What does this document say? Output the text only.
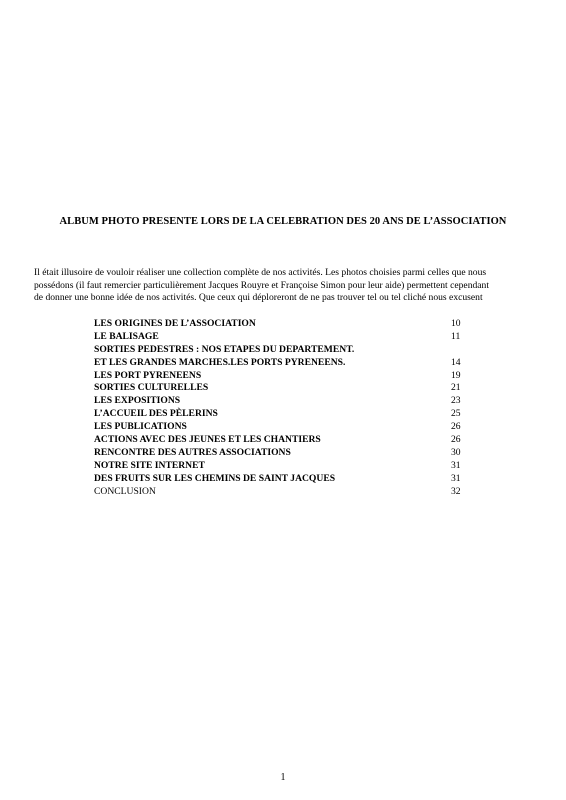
ALBUM PHOTO PRESENTE LORS DE LA CELEBRATION DES 20 ANS DE L’ASSOCIATION
Il était illusoire de vouloir réaliser une collection complète de nos activités. Les photos choisies parmi celles que nous
possédons (il faut remercier particulièrement Jacques Rouyre et Françoise Simon pour leur aide) permettent cependant
de donner une bonne idée de nos activités. Que ceux qui déploreront de ne pas trouver tel ou tel cliché nous excusent
LES ORIGINES DE L’ASSOCIATION	10
LE BALISAGE	11
SORTIES PEDESTRES : NOS ETAPES DU DEPARTEMENT.
ET LES GRANDES MARCHES.LES PORTS PYRENEENS.	14
LES PORT PYRENEENS	19
SORTIES CULTURELLES	21
LES EXPOSITIONS	23
L’ACCUEIL DES PÈLERINS	25
LES PUBLICATIONS	26
ACTIONS AVEC DES JEUNES ET LES CHANTIERS	26
RENCONTRE DES AUTRES ASSOCIATIONS	30
NOTRE SITE INTERNET	31
DES FRUITS SUR LES CHEMINS DE SAINT JACQUES	31
CONCLUSION	32
1
